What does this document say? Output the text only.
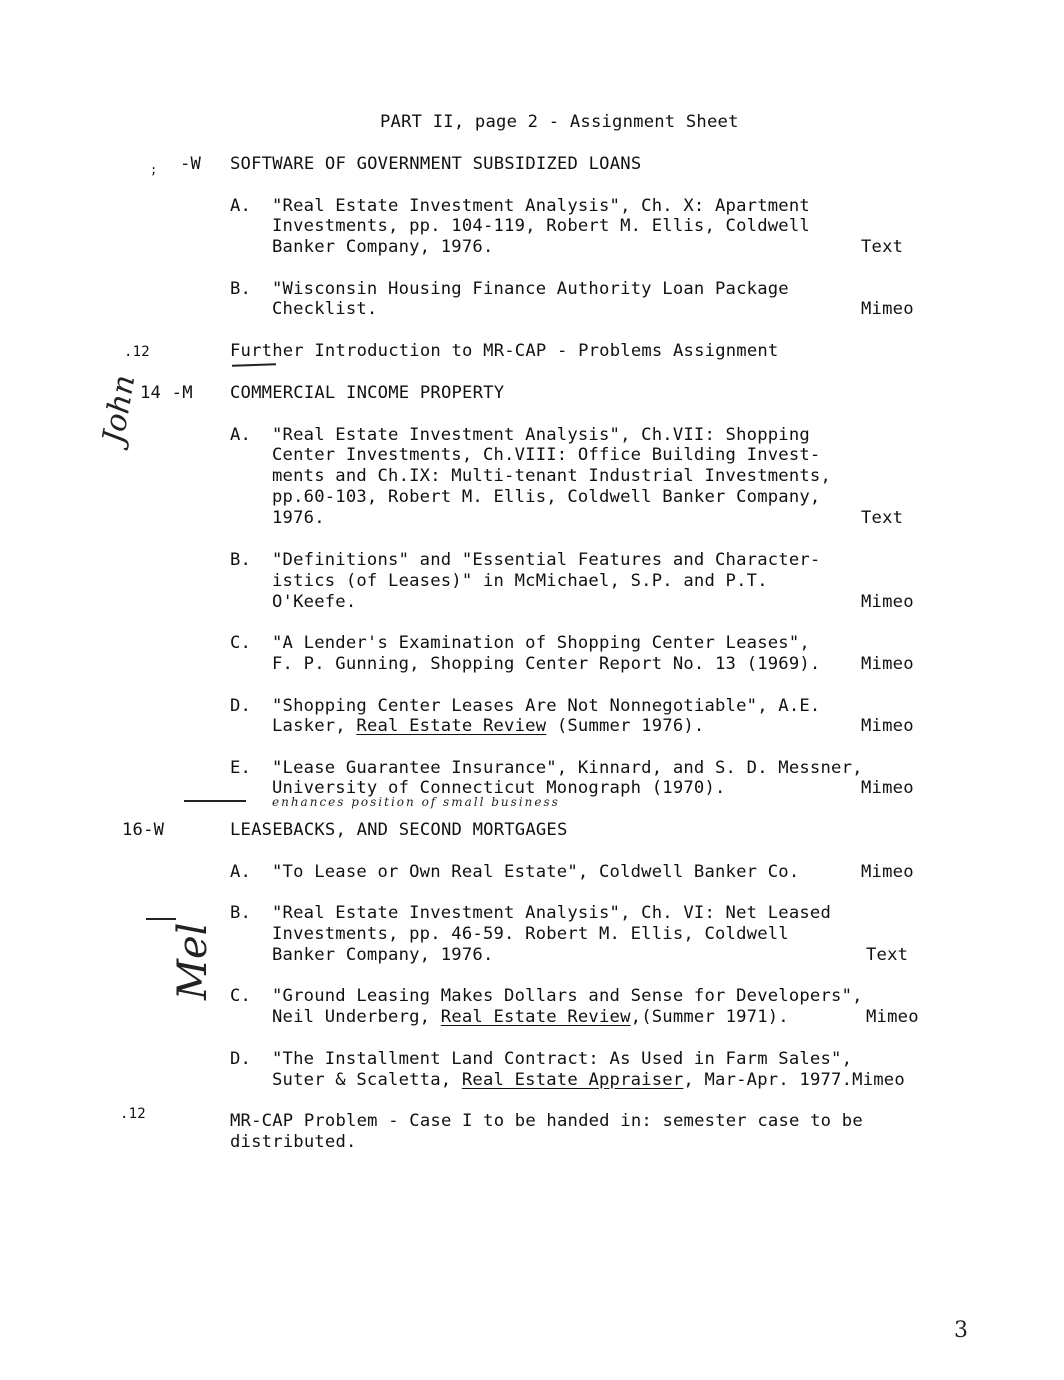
PART II, page 2 - Assignment Sheet
; -W SOFTWARE OF GOVERNMENT SUBSIDIZED LOANS
A. "Real Estate Investment Analysis", Ch. X: Apartment
Investments, pp. 104-119, Robert M. Ellis, Coldwell
Banker Company, 1976.	Text
B. "Wisconsin Housing Finance Authority Loan Package
Checklist.	Mimeo
.12	Further Introduction to MR-CAP - Problems Assignment
John
14 -M COMMERCIAL INCOME PROPERTY
A. "Real Estate Investment Analysis", Ch.VII: Shopping
Center Investments, Ch.VIII: Office Building Invest-
ments and Ch.IX: Multi-tenant Industrial Investments,
pp.60-103, Robert M. Ellis, Coldwell Banker Company,
1976.	Text
B. "Definitions" and "Essential Features and Character-
istics (of Leases)" in McMichael, S.P. and P.T.
O'Keefe.	Mimeo
C. "A Lender's Examination of Shopping Center Leases",
F. P. Gunning, Shopping Center Report No. 13 (1969). Mimeo
D. "Shopping Center Leases Are Not Nonnegotiable", A.E.
Lasker, Real Estate Review (Summer 1976).	Mimeo
E. "Lease Guarantee Insurance", Kinnard, and S. D. Messner,
University of Connecticut Monograph (1970).	Mimeo
enhances position of small business
16-W	LEASEBACKS, AND SECOND MORTGAGES
A. "To Lease or Own Real Estate", Coldwell Banker Co.	Mimeo
Mel
B. "Real Estate Investment Analysis", Ch. VI: Net Leased
Investments, pp. 46-59. Robert M. Ellis, Coldwell
Banker Company, 1976.	Text
C. "Ground Leasing Makes Dollars and Sense for Developers",
Neil Underberg, Real Estate Review,(Summer 1971).	Mimeo
D. "The Installment Land Contract: As Used in Farm Sales",
Suter & Scaletta, Real Estate Appraiser, Mar-Apr. 1977.Mimeo
.12	MR-CAP Problem - Case I to be handed in: semester case to be
distributed.
3
